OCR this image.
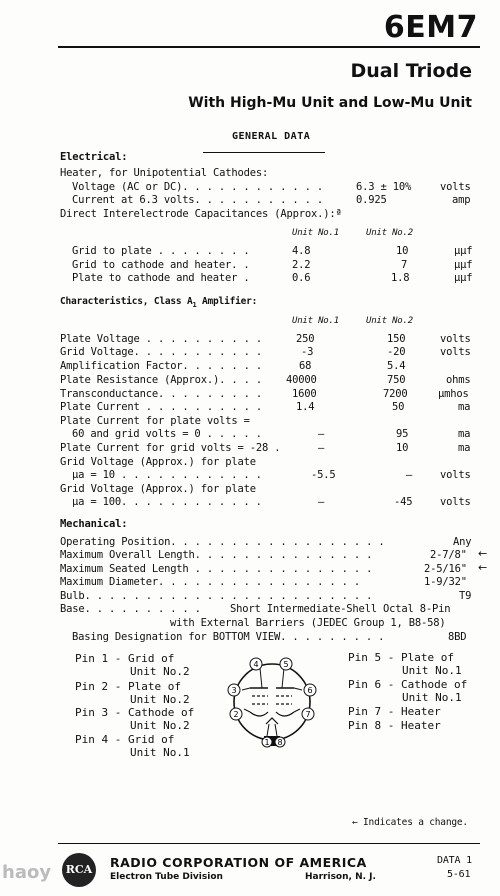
6EM7
Dual Triode
With High-Mu Unit and Low-Mu Unit
GENERAL DATA
Electrical:
Heater, for Unipotential Cathodes:
Voltage (AC or DC). . . . . . . . . . . .	6.3 ± 10%	volts
Current at 6.3 volts. . . . . . . . . . .	0.925	amp
Direct Interelectrode Capacitances (Approx.):ª
Unit No.1	Unit No.2
Grid to plate . . . . . . . .	4.8	10	µµf
Grid to cathode and heater. .	2.2	7	µµf
Plate to cathode and heater .	0.6	1.8	µµf
Characteristics, Class $A_1$ Amplifier:
Unit No.1	Unit No.2
Plate Voltage . . . . . . . . . .	250	150	volts
Grid Voltage. . . . . . . . . . .	-3	-20	volts
Amplification Factor. . . . . . .	68	5.4
Plate Resistance (Approx.). . . . 40000	750	ohms
Transconductance. . . . . . . . .	1600	7200	µmhos
Plate Current . . . . . . . . . .	1.4	50	ma
Plate Current for plate volts =
60 and grid volts = 0 . . . . .	–	95	ma
Plate Current for grid volts = -28 .	–	10	ma
Grid Voltage (Approx.) for plate
µa = 10 . . . . . . . . . . . .	-5.5	–	volts
Grid Voltage (Approx.) for plate
µa = 100. . . . . . . . . . . .	–	-45	volts
Mechanical:
Operating Position. . . . . . . . . . . . . . . . . .	Any
Maximum Overall Length. . . . . . . . . . . . . . .	2-7/8" ←
Maximum Seated Length . . . . . . . . . . . . . . .	2-5/16" ←
Maximum Diameter. . . . . . . . . . . . . . . . .	1-9/32"
Bulb. . . . . . . . . . . . . . . . . . . . . . . .	T9
Base. . . . . . . . . .	Short Intermediate-Shell Octal 8-Pin
with External Barriers (JEDEC Group 1, B8-58)
Basing Designation for BOTTOM VIEW. . . . . . . . .	8BD
Pin 1 - Grid of
Unit No.2
Pin 2 - Plate of
Unit No.2
Pin 3 - Cathode of
Unit No.2
Pin 4 - Grid of
Unit No.1
Pin 5 - Plate of
Unit No.1
Pin 6 - Cathode of
Unit No.1
Pin 7 - Heater
Pin 8 - Heater
1
2
3
4	5
6
7
8
← Indicates a change.
haoy	RCA	RADIO CORPORATION OF AMERICA
Electron Tube Division	Harrison, N. J.
DATA 1
5-61
